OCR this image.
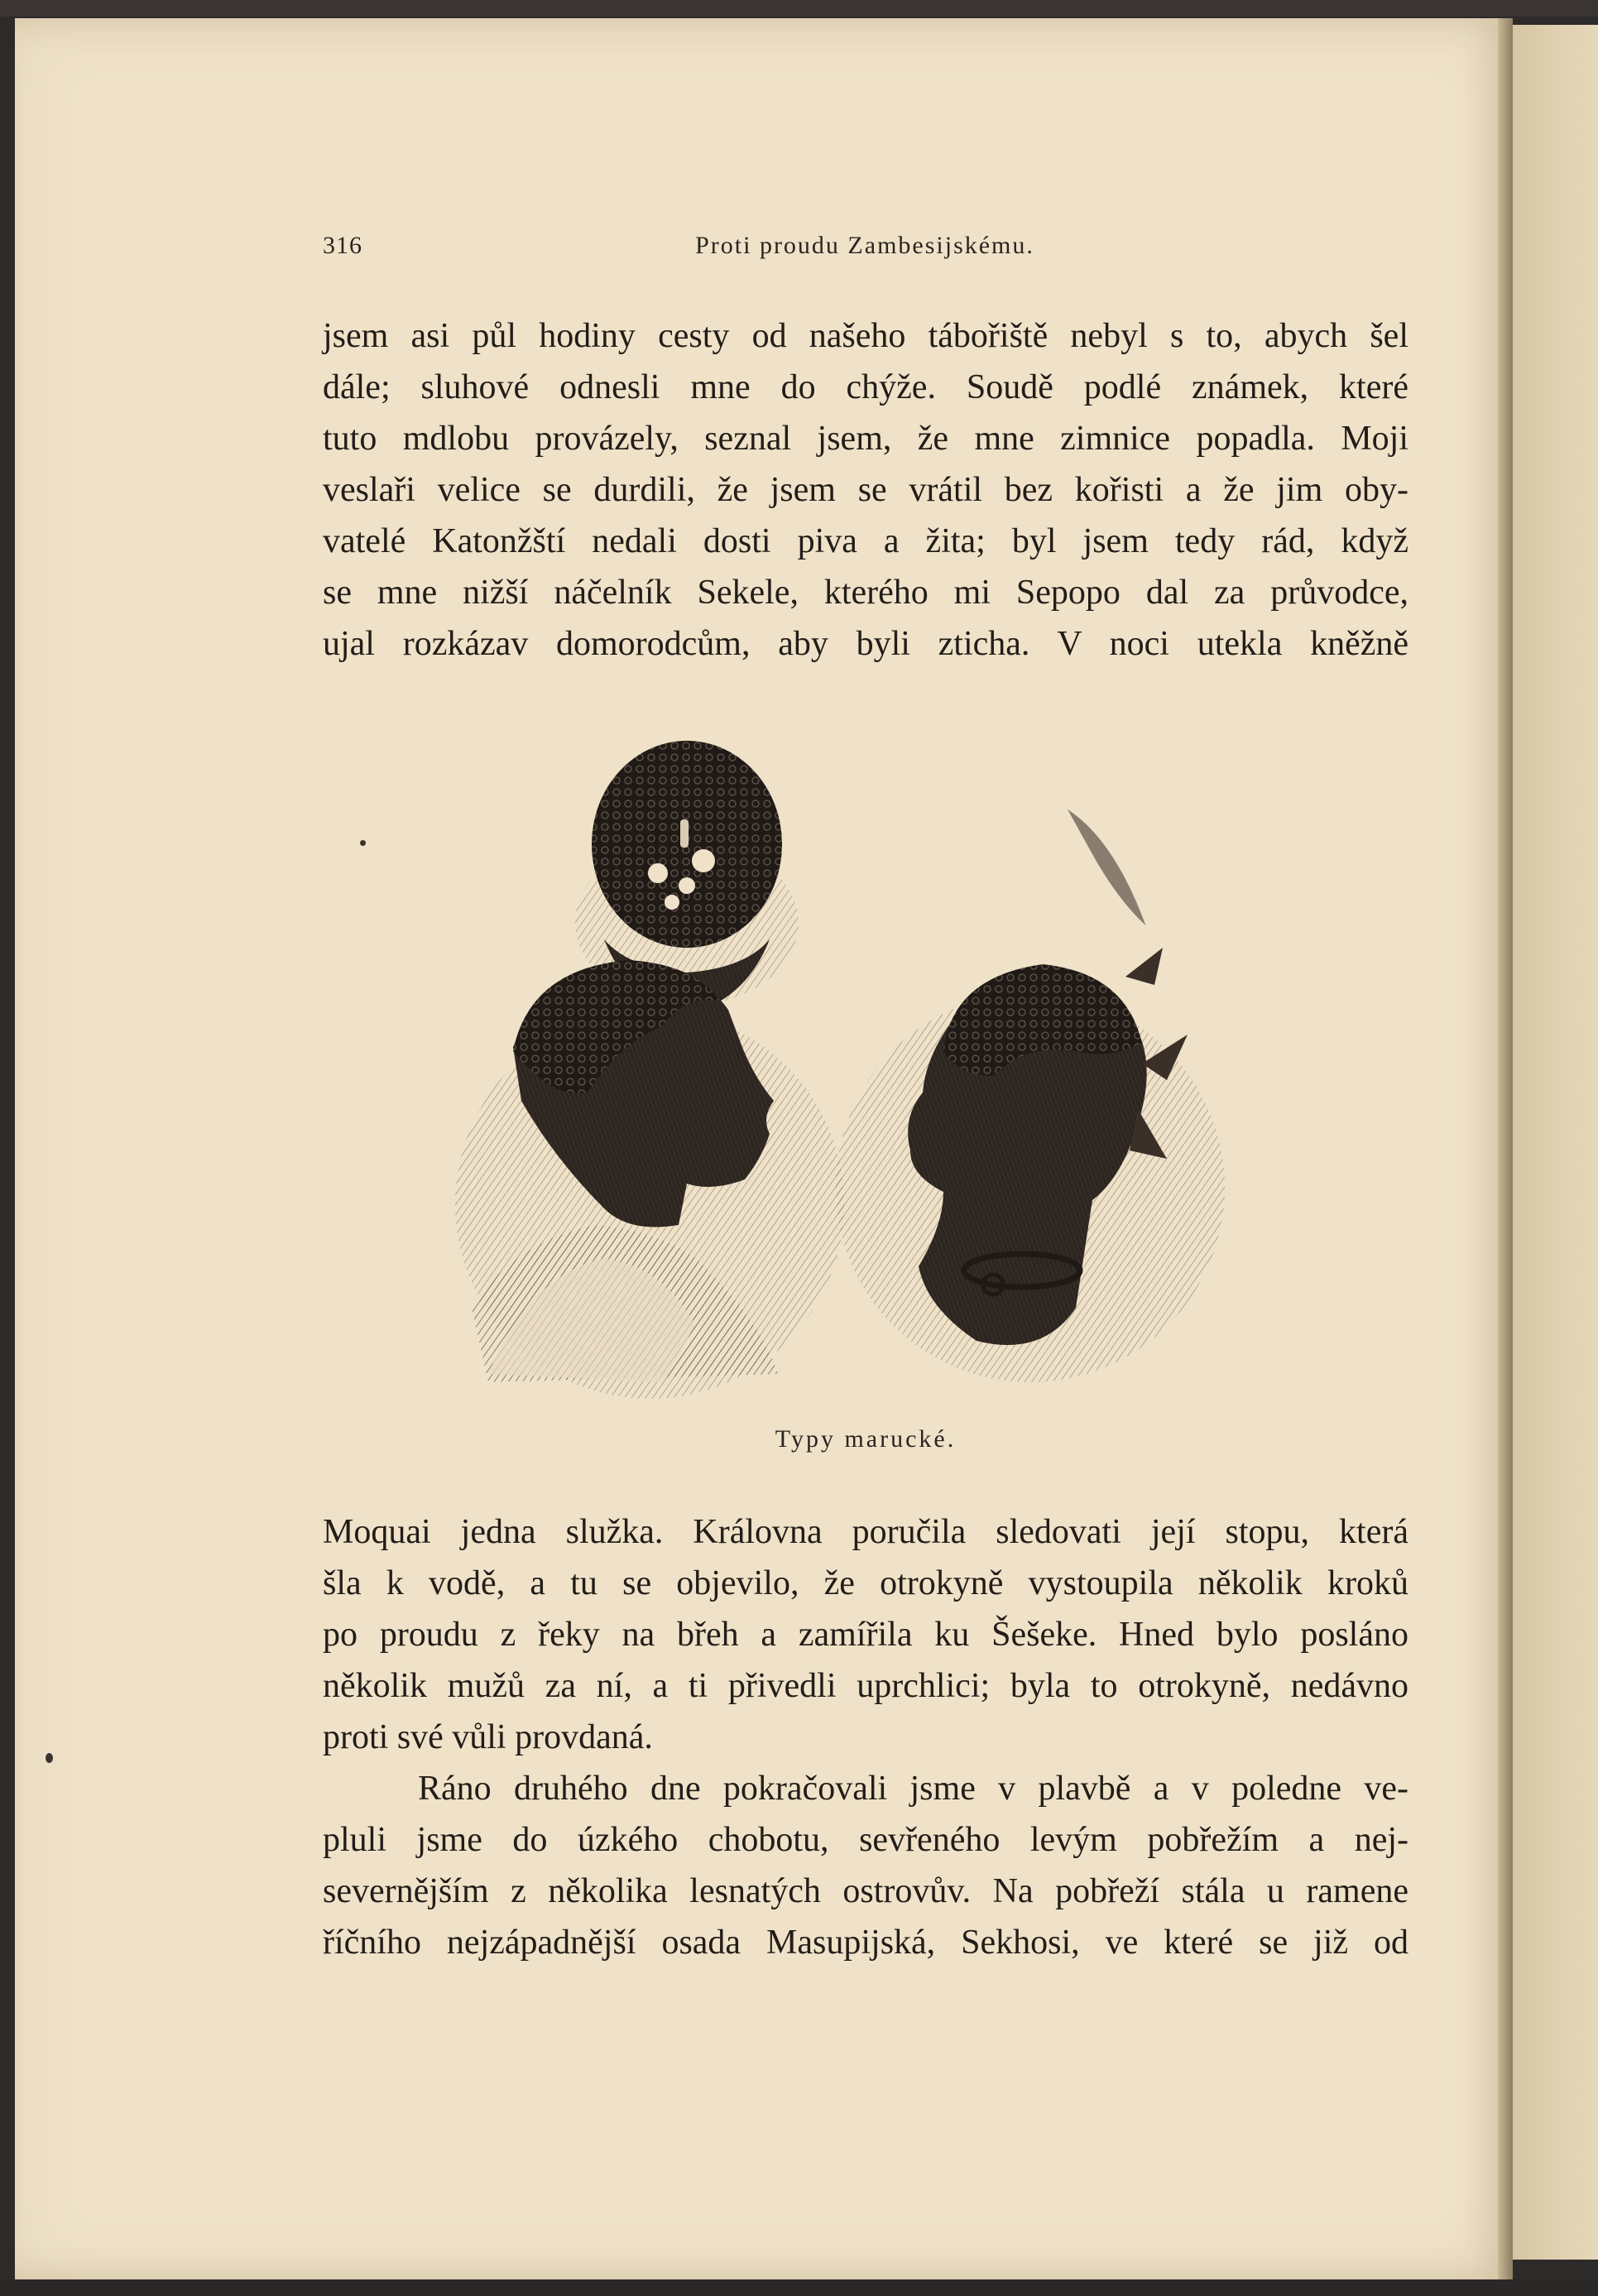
316	Proti proudu Zambesijskému.
jsem asi půl hodiny cesty od našeho tábořiště nebyl s to, abych šel
dále; sluhové odnesli mne do chýže. Soudě podlé známek, které
tuto mdlobu provázely, seznal jsem, že mne zimnice popadla. Moji
veslaři velice se durdili, že jsem se vrátil bez kořisti a že jim oby-
vatelé Katonžští nedali dosti piva a žita; byl jsem tedy rád, když
se mne nižší náčelník Sekele, kterého mi Sepopo dal za průvodce,
ujal rozkázav domorodcům, aby byli zticha. V noci utekla kněžně
Typy marucké.
Moquai jedna služka. Královna poručila sledovati její stopu, která
šla k vodě, a tu se objevilo, že otrokyně vystoupila několik kroků
po proudu z řeky na břeh a zamířila ku Šešeke. Hned bylo posláno
několik mužů za ní, a ti přivedli uprchlici; byla to otrokyně, nedávno
proti své vůli provdaná.
Ráno druhého dne pokračovali jsme v plavbě a v poledne ve-
pluli jsme do úzkého chobotu, sevřeného levým pobřežím a nej-
severnějším z několika lesnatých ostrovův. Na pobřeží stála u ramene
říčního nejzápadnější osada Masupijská, Sekhosi, ve které se již od
